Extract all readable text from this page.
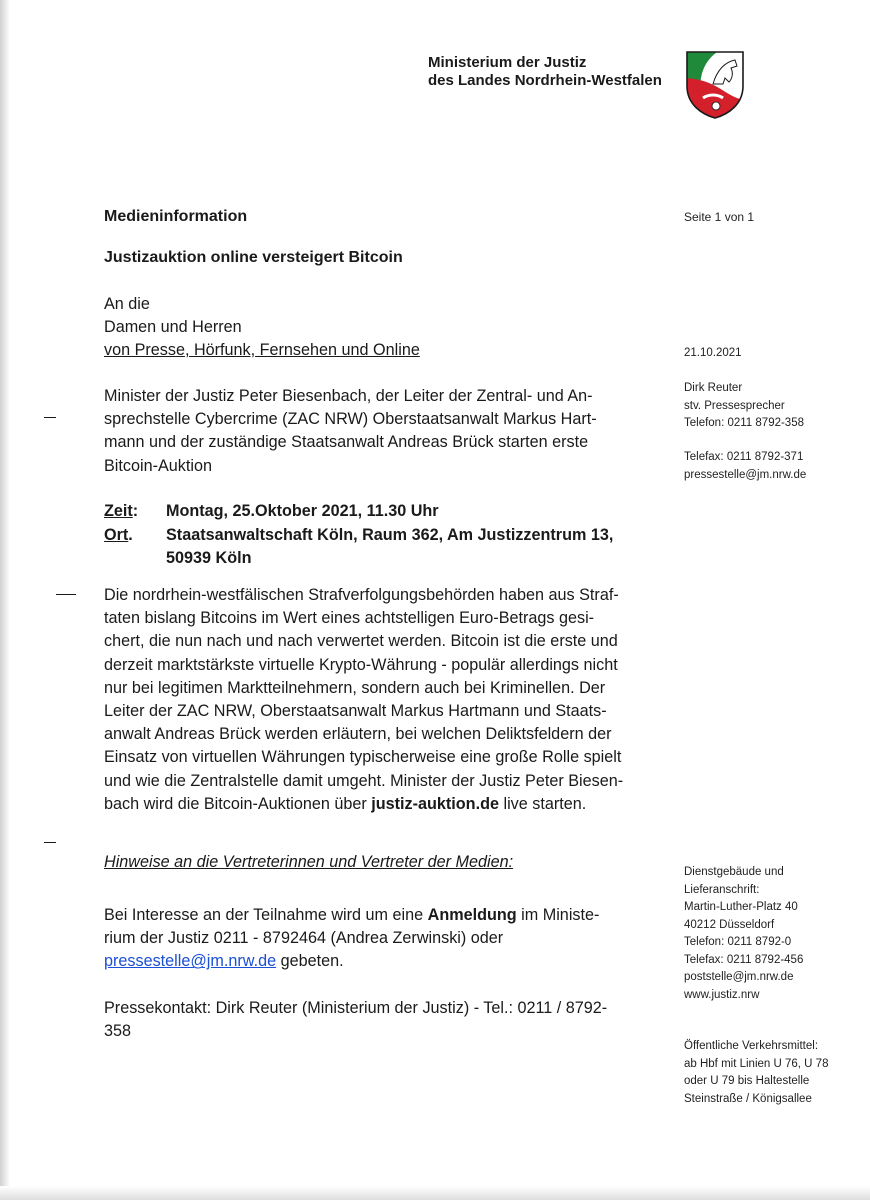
Ministerium der Justiz
des Landes Nordrhein-Westfalen
Medieninformation	Seite 1 von 1
Justizauktion online versteigert Bitcoin
An die
Damen und Herren
von Presse, Hörfunk, Fernsehen und Online
Minister der Justiz Peter Biesenbach, der Leiter der Zentral- und An-
sprechstelle Cybercrime (ZAC NRW) Oberstaatsanwalt Markus Hart-
mann und der zuständige Staatsanwalt Andreas Brück starten erste
Bitcoin-Auktion
Zeit: Montag, 25.Oktober 2021, 11.30 Uhr
Ort. Staatsanwaltschaft Köln, Raum 362, Am Justizzentrum 13,
50939 Köln
Die nordrhein-westfälischen Strafverfolgungsbehörden haben aus Straf-
taten bislang Bitcoins im Wert eines achtstelligen Euro-Betrags gesi-
chert, die nun nach und nach verwertet werden. Bitcoin ist die erste und
derzeit marktstärkste virtuelle Krypto-Währung - populär allerdings nicht
nur bei legitimen Marktteilnehmern, sondern auch bei Kriminellen. Der
Leiter der ZAC NRW, Oberstaatsanwalt Markus Hartmann und Staats-
anwalt Andreas Brück werden erläutern, bei welchen Deliktsfeldern der
Einsatz von virtuellen Währungen typischerweise eine große Rolle spielt
und wie die Zentralstelle damit umgeht. Minister der Justiz Peter Biesen-
bach wird die Bitcoin-Auktionen über justiz-auktion.de live starten.
Hinweise an die Vertreterinnen und Vertreter der Medien:
Bei Interesse an der Teilnahme wird um eine Anmeldung im Ministe-
rium der Justiz 0211 - 8792464 (Andrea Zerwinski) oder
pressestelle@jm.nrw.de gebeten.
Pressekontakt: Dirk Reuter (Ministerium der Justiz) - Tel.: 0211 / 8792-
358
21.10.2021
Dirk Reuter
stv. Pressesprecher
Telefon: 0211 8792-358
Telefax: 0211 8792-371
pressestelle@jm.nrw.de
Dienstgebäude und
Lieferanschrift:
Martin-Luther-Platz 40
40212 Düsseldorf
Telefon: 0211 8792-0
Telefax: 0211 8792-456
poststelle@jm.nrw.de
www.justiz.nrw
Öffentliche Verkehrsmittel:
ab Hbf mit Linien U 76, U 78
oder U 79 bis Haltestelle
Steinstraße / Königsallee
